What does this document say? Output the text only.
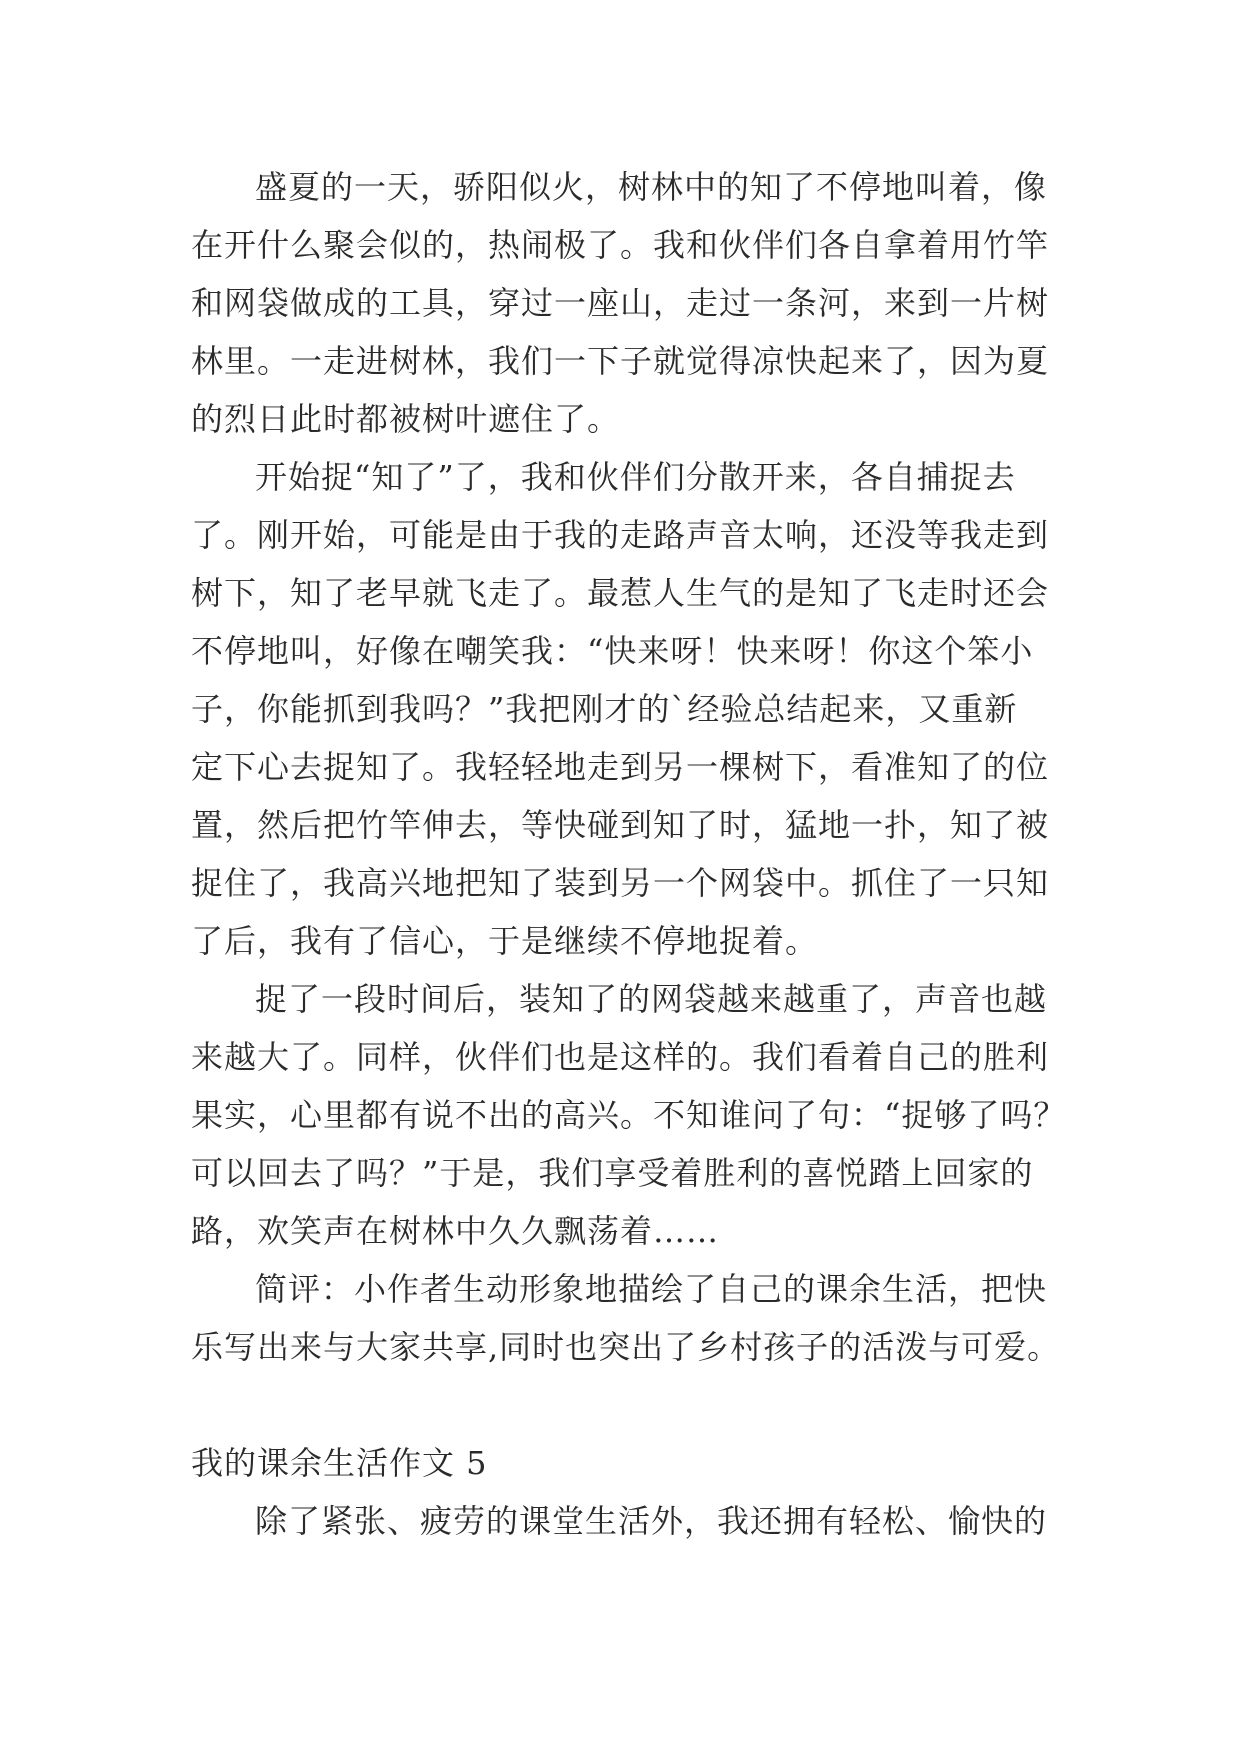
盛夏的一天，骄阳似火，树林中的知了不停地叫着，像
在开什么聚会似的，热闹极了。我和伙伴们各自拿着用竹竿
和网袋做成的工具，穿过一座山，走过一条河，来到一片树
林里。一走进树林，我们一下子就觉得凉快起来了，因为夏
的烈日此时都被树叶遮住了。
开始捉“知了”了，我和伙伴们分散开来，各自捕捉去
了。刚开始，可能是由于我的走路声音太响，还没等我走到
树下，知了老早就飞走了。最惹人生气的是知了飞走时还会
不停地叫，好像在嘲笑我：“快来呀！快来呀！你这个笨小
子，你能抓到我吗？”我把刚才的`经验总结起来，又重新
定下心去捉知了。我轻轻地走到另一棵树下，看准知了的位
置，然后把竹竿伸去，等快碰到知了时，猛地一扑，知了被
捉住了，我高兴地把知了装到另一个网袋中。抓住了一只知
了后，我有了信心，于是继续不停地捉着。
捉了一段时间后，装知了的网袋越来越重了，声音也越
来越大了。同样，伙伴们也是这样的。我们看着自己的胜利
果实，心里都有说不出的高兴。不知谁问了句：“捉够了吗？
可以回去了吗？”于是，我们享受着胜利的喜悦踏上回家的
路，欢笑声在树林中久久飘荡着……
简评：小作者生动形象地描绘了自己的课余生活，把快
乐写出来与大家共享,同时也突出了乡村孩子的活泼与可爱。
我的课余生活作文 5
除了紧张、疲劳的课堂生活外，我还拥有轻松、愉快的
